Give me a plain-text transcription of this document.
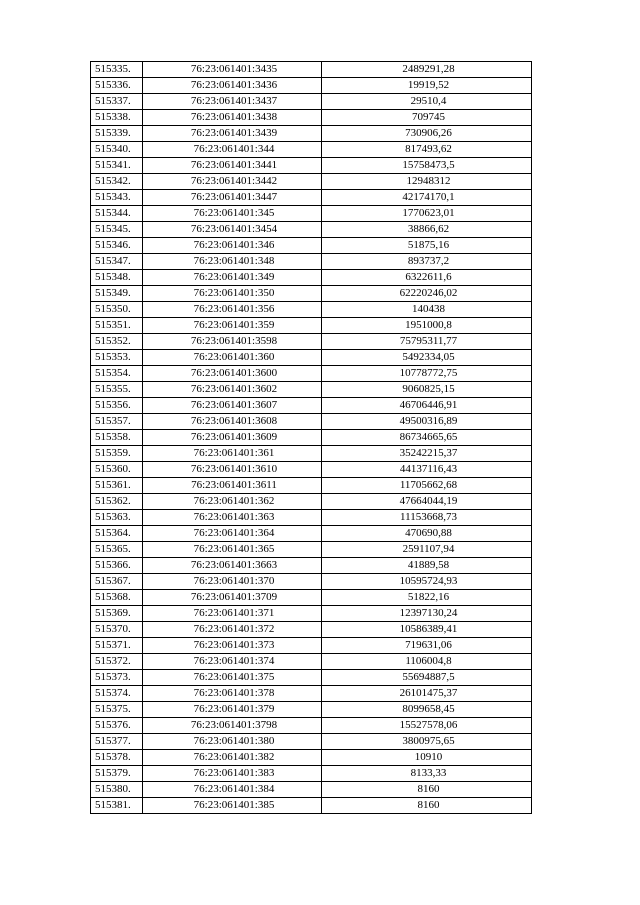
515335.	76:23:061401:3435	2489291,28
515336.	76:23:061401:3436	19919,52
515337.	76:23:061401:3437	29510,4
515338.	76:23:061401:3438	709745
515339.	76:23:061401:3439	730906,26
515340.	76:23:061401:344	817493,62
515341.	76:23:061401:3441	15758473,5
515342.	76:23:061401:3442	12948312
515343.	76:23:061401:3447	42174170,1
515344.	76:23:061401:345	1770623,01
515345.	76:23:061401:3454	38866,62
515346.	76:23:061401:346	51875,16
515347.	76:23:061401:348	893737,2
515348.	76:23:061401:349	6322611,6
515349.	76:23:061401:350	62220246,02
515350.	76:23:061401:356	140438
515351.	76:23:061401:359	1951000,8
515352.	76:23:061401:3598	75795311,77
515353.	76:23:061401:360	5492334,05
515354.	76:23:061401:3600	10778772,75
515355.	76:23:061401:3602	9060825,15
515356.	76:23:061401:3607	46706446,91
515357.	76:23:061401:3608	49500316,89
515358.	76:23:061401:3609	86734665,65
515359.	76:23:061401:361	35242215,37
515360.	76:23:061401:3610	44137116,43
515361.	76:23:061401:3611	11705662,68
515362.	76:23:061401:362	47664044,19
515363.	76:23:061401:363	11153668,73
515364.	76:23:061401:364	470690,88
515365.	76:23:061401:365	2591107,94
515366.	76:23:061401:3663	41889,58
515367.	76:23:061401:370	10595724,93
515368.	76:23:061401:3709	51822,16
515369.	76:23:061401:371	12397130,24
515370.	76:23:061401:372	10586389,41
515371.	76:23:061401:373	719631,06
515372.	76:23:061401:374	1106004,8
515373.	76:23:061401:375	55694887,5
515374.	76:23:061401:378	26101475,37
515375.	76:23:061401:379	8099658,45
515376.	76:23:061401:3798	15527578,06
515377.	76:23:061401:380	3800975,65
515378.	76:23:061401:382	10910
515379.	76:23:061401:383	8133,33
515380.	76:23:061401:384	8160
515381.	76:23:061401:385	8160
